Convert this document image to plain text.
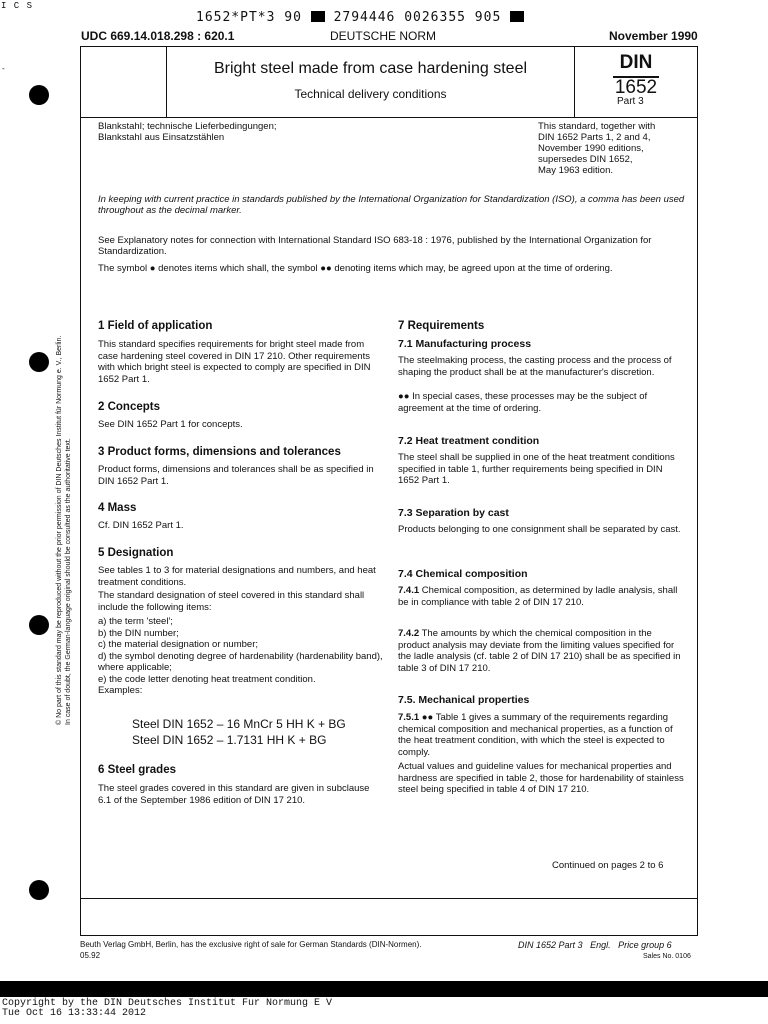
I C S
-
1652*PT*3 90 2794446 0026355 905
UDC 669.14.018.298 : 620.1	DEUTSCHE NORM	November 1990
Bright steel made from case hardening steel
Technical delivery conditions
DIN
1652
Part 3
Blankstahl; technische Lieferbedingungen;
Blankstahl aus Einsatzstählen
This standard, together with
DIN 1652 Parts 1, 2 and 4,
November 1990 editions,
supersedes DIN 1652,
May 1963 edition.
In keeping with current practice in standards published by the International Organization for Standardization (ISO), a comma has been used throughout as the decimal marker.
See Explanatory notes for connection with International Standard ISO 683-18 : 1976, published by the International Organization for Standardization.
The symbol ● denotes items which shall, the symbol ●● denoting items which may, be agreed upon at the time of ordering.
© No part of this standard may be reproduced without the prior permission of DIN Deutsches Institut für Normung e. V., Berlin. In case of doubt, the German-language original should be consulted as the authoritative text.
1 Field of application
This standard specifies requirements for bright steel made from case hardening steel covered in DIN 17 210. Other requirements with which bright steel is expected to comply are specified in DIN 1652 Part 1.
2 Concepts
See DIN 1652 Part 1 for concepts.
3 Product forms, dimensions and tolerances
Product forms, dimensions and tolerances shall be as specified in DIN 1652 Part 1.
4 Mass
Cf. DIN 1652 Part 1.
5 Designation
See tables 1 to 3 for material designations and numbers, and heat treatment conditions.
The standard designation of steel covered in this standard shall include the following items:
a) the term 'steel';
b) the DIN number;
c) the material designation or number;
d) the symbol denoting degree of hardenability (hardenability band), where applicable;
e) the code letter denoting heat treatment condition.
Examples:
Steel DIN 1652 – 16 MnCr 5 HH K + BG
Steel DIN 1652 – 1.7131 HH K + BG
6 Steel grades
The steel grades covered in this standard are given in subclause 6.1 of the September 1986 edition of DIN 17 210.
7 Requirements
7.1 Manufacturing process
The steelmaking process, the casting process and the process of shaping the product shall be at the manufacturer's discretion.
●● In special cases, these processes may be the subject of agreement at the time of ordering.
7.2 Heat treatment condition
The steel shall be supplied in one of the heat treatment conditions specified in table 1, further requirements being specified in DIN 1652 Part 1.
7.3 Separation by cast
Products belonging to one consignment shall be separated by cast.
7.4 Chemical composition
7.4.1 Chemical composition, as determined by ladle analysis, shall be in compliance with table 2 of DIN 17 210.
7.4.2 The amounts by which the chemical composition in the product analysis may deviate from the limiting values specified for the ladle analysis (cf. table 2 of DIN 17 210) shall be as specified in table 3 of DIN 17 210.
7.5. Mechanical properties
7.5.1 ●● Table 1 gives a summary of the requirements regarding chemical composition and mechanical properties, as a function of the heat treatment condition, with which the steel is expected to comply.
Actual values and guideline values for mechanical properties and hardness are specified in table 2, those for hardenability of stainless steel being specified in table 4 of DIN 17 210.
Continued on pages 2 to 6
Beuth Verlag GmbH, Berlin, has the exclusive right of sale for German Standards (DIN-Normen).
05.92
DIN 1652 Part 3 Engl. Price group 6
Sales No. 0106
Copyright by the DIN Deutsches Institut Fur Normung E V
Tue Oct 16 13:33:44 2012
